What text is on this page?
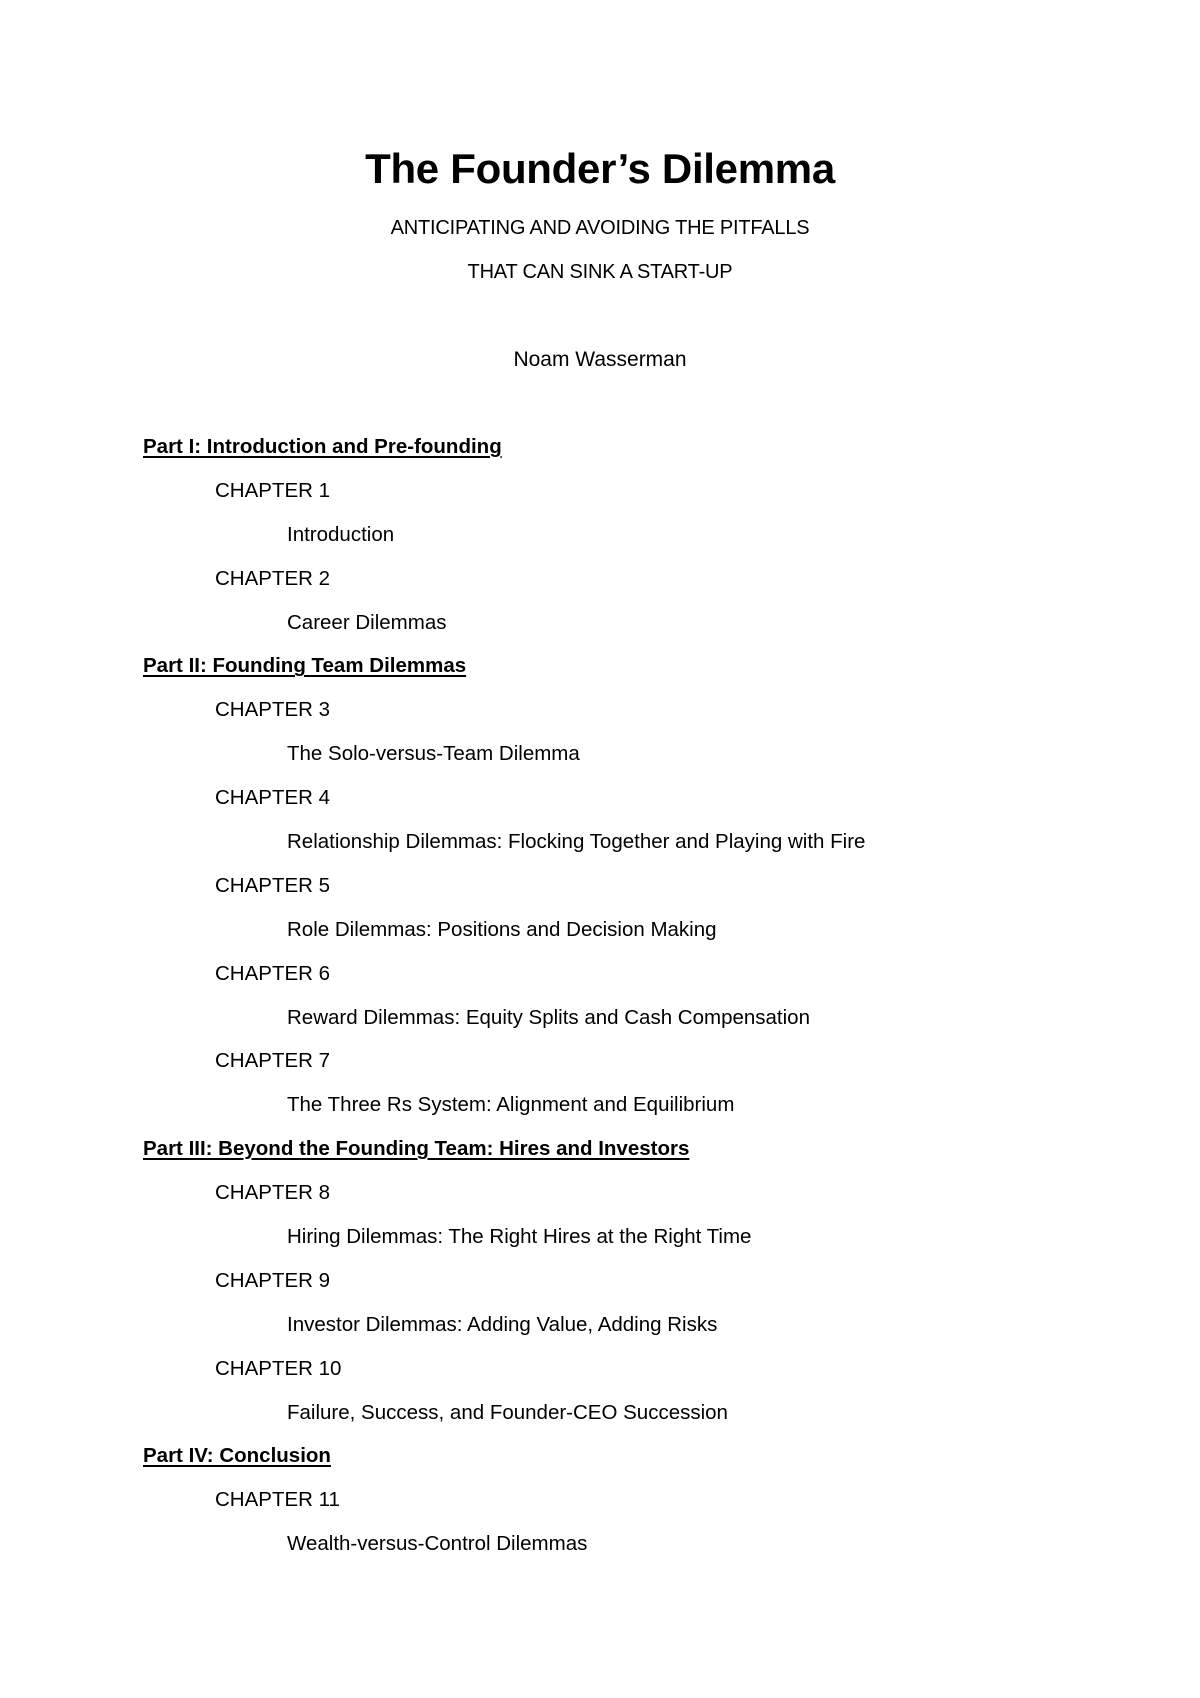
The Founder’s Dilemma
ANTICIPATING AND AVOIDING THE PITFALLS
THAT CAN SINK A START-UP
Noam Wasserman
Part I: Introduction and Pre-founding
CHAPTER 1
Introduction
CHAPTER 2
Career Dilemmas
Part II: Founding Team Dilemmas
CHAPTER 3
The Solo-versus-Team Dilemma
CHAPTER 4
Relationship Dilemmas: Flocking Together and Playing with Fire
CHAPTER 5
Role Dilemmas: Positions and Decision Making
CHAPTER 6
Reward Dilemmas: Equity Splits and Cash Compensation
CHAPTER 7
The Three Rs System: Alignment and Equilibrium
Part III: Beyond the Founding Team: Hires and Investors
CHAPTER 8
Hiring Dilemmas: The Right Hires at the Right Time
CHAPTER 9
Investor Dilemmas: Adding Value, Adding Risks
CHAPTER 10
Failure, Success, and Founder-CEO Succession
Part IV: Conclusion
CHAPTER 11
Wealth-versus-Control Dilemmas
